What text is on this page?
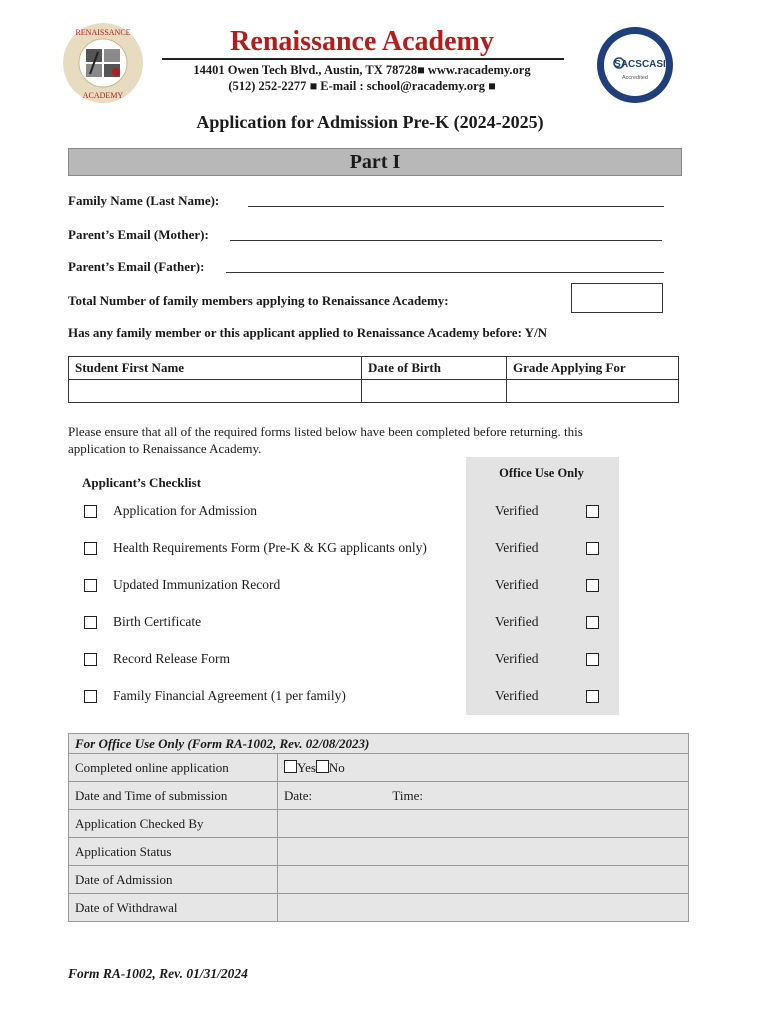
RENAISSANCE
ACADEMY
Renaissance Academy
14401 Owen Tech Blvd., Austin, TX 78728■ www.racademy.org
(512) 252-2277 ■ E-mail : school@racademy.org ■
SACSCASI
Accredited
Application for Admission Pre-K (2024-2025)
Part I
Family Name (Last Name):
Parent’s Email (Mother):
Parent’s Email (Father):
Total Number of family members applying to Renaissance Academy:
Has any family member or this applicant applied to Renaissance Academy before: Y/N
Student First Name	Date of Birth	Grade Applying For

Please ensure that all of the required forms listed below have been completed before returning. this application to Renaissance Academy.
Office Use Only
Applicant’s Checklist
Application for Admission	Verified
Health Requirements Form (Pre-K & KG applicants only)	Verified
Updated Immunization Record	Verified
Birth Certificate	Verified
Record Release Form	Verified
Family Financial Agreement (1 per family)	Verified
For Office Use Only (Form RA-1002, Rev. 02/08/2023)	
Completed online application	Yes No
Date and Time of submission	Date: Time:
Application Checked By	
Application Status	
Date of Admission	
Date of Withdrawal	
Form RA-1002, Rev. 01/31/2024
